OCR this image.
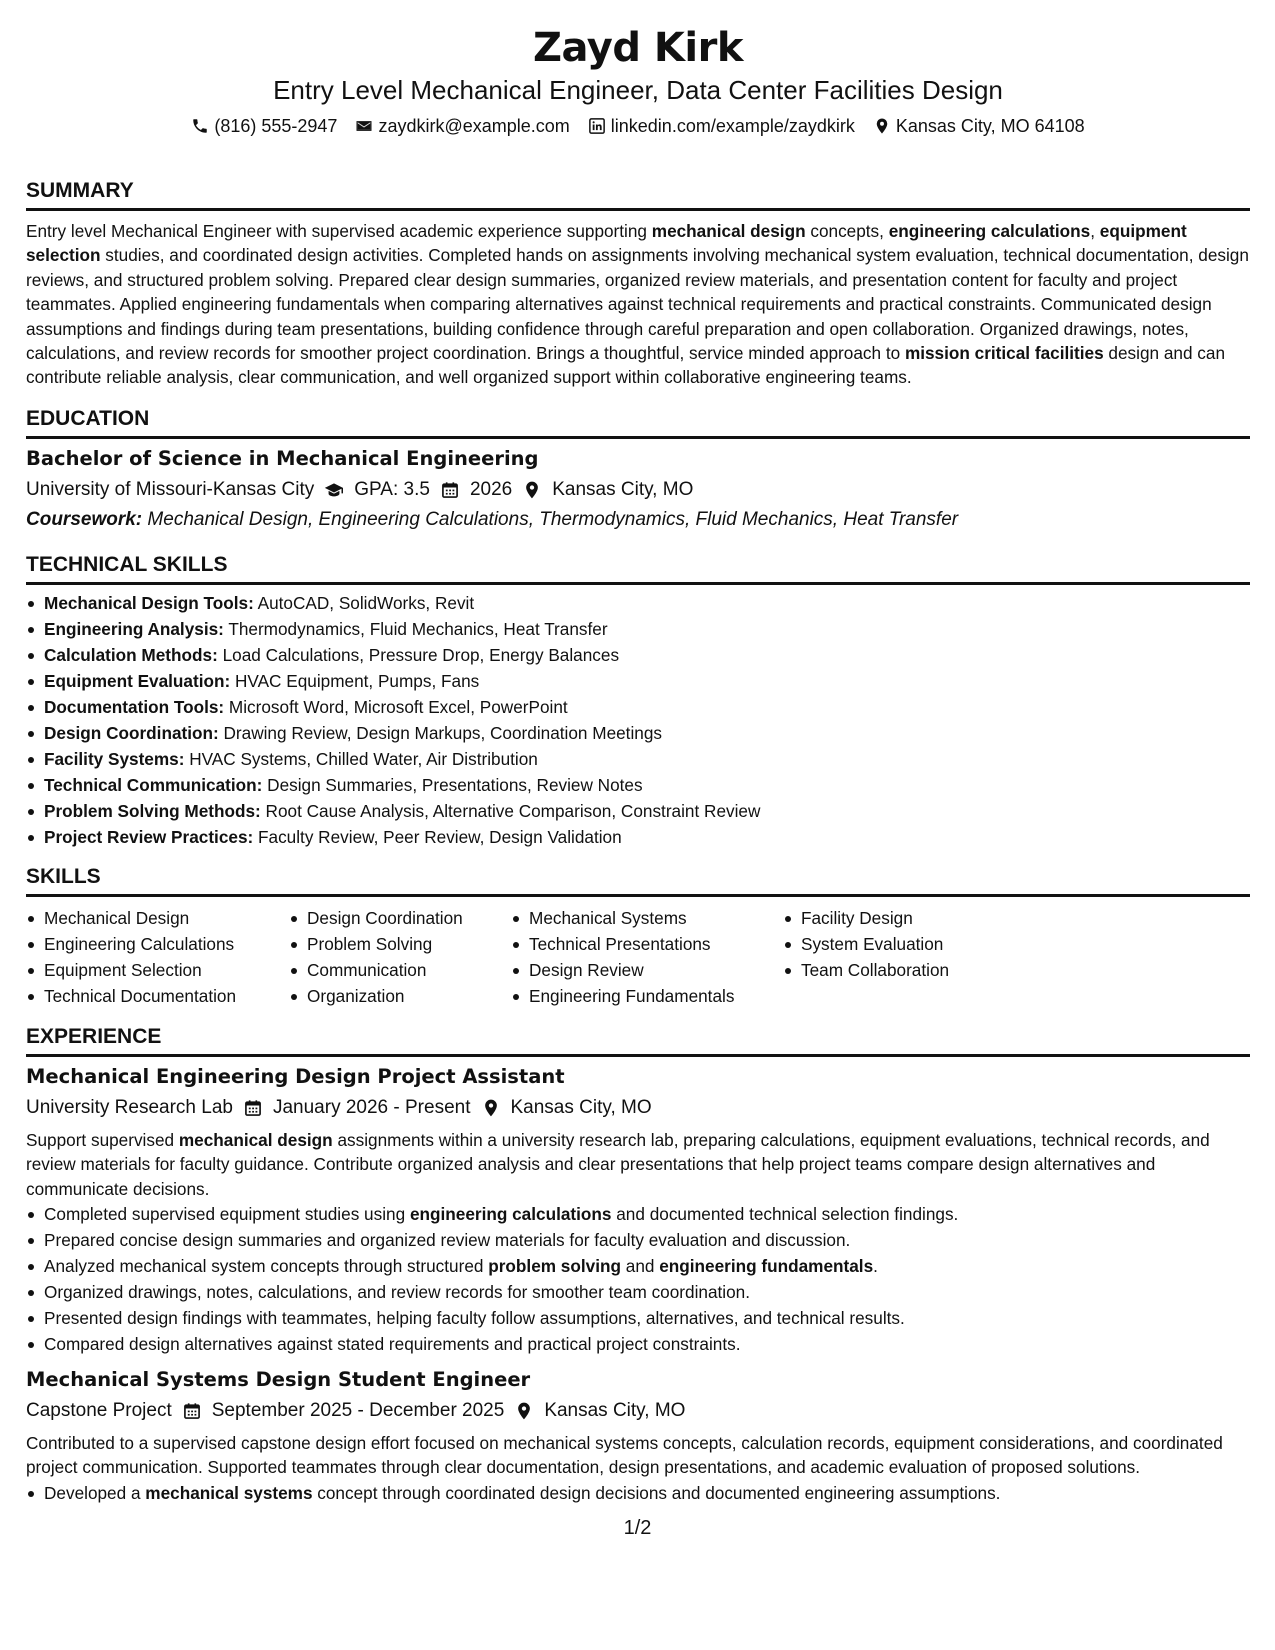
Zayd Kirk
Entry Level Mechanical Engineer, Data Center Facilities Design
(816) 555-2947 zaydkirk@example.com linkedin.com/example/zaydkirk Kansas City, MO 64108
SUMMARY

Entry level Mechanical Engineer with supervised academic experience supporting mechanical design concepts, engineering calculations, equipment selection studies, and coordinated design activities. Completed hands on assignments involving mechanical system evaluation, technical documentation, design reviews, and structured problem solving. Prepared clear design summaries, organized review materials, and presentation content for faculty and project teammates. Applied engineering fundamentals when comparing alternatives against technical requirements and practical constraints. Communicated design assumptions and findings during team presentations, building confidence through careful preparation and open collaboration. Organized drawings, notes, calculations, and review records for smoother project coordination. Brings a thoughtful, service minded approach to mission critical facilities design and can contribute reliable analysis, clear communication, and well organized support within collaborative engineering teams.

EDUCATION
Bachelor of Science in Mechanical Engineering
University of Missouri-Kansas City GPA: 3.5 2026 Kansas City, MO
Coursework: Mechanical Design, Engineering Calculations, Thermodynamics, Fluid Mechanics, Heat Transfer
TECHNICAL SKILLS
Mechanical Design Tools: AutoCAD, SolidWorks, Revit
Engineering Analysis: Thermodynamics, Fluid Mechanics, Heat Transfer
Calculation Methods: Load Calculations, Pressure Drop, Energy Balances
Equipment Evaluation: HVAC Equipment, Pumps, Fans
Documentation Tools: Microsoft Word, Microsoft Excel, PowerPoint
Design Coordination: Drawing Review, Design Markups, Coordination Meetings
Facility Systems: HVAC Systems, Chilled Water, Air Distribution
Technical Communication: Design Summaries, Presentations, Review Notes
Problem Solving Methods: Root Cause Analysis, Alternative Comparison, Constraint Review
Project Review Practices: Faculty Review, Peer Review, Design Validation
SKILLS
Mechanical Design
Engineering Calculations
Equipment Selection
Technical Documentation
Design Coordination
Problem Solving
Communication
Organization
Mechanical Systems
Technical Presentations
Design Review
Engineering Fundamentals
Facility Design
System Evaluation
Team Collaboration
EXPERIENCE
Mechanical Engineering Design Project Assistant
University Research Lab January 2026 - Present Kansas City, MO

Support supervised mechanical design assignments within a university research lab, preparing calculations, equipment evaluations, technical records, and review materials for faculty guidance. Contribute organized analysis and clear presentations that help project teams compare design alternatives and communicate decisions.

Completed supervised equipment studies using engineering calculations and documented technical selection findings.
Prepared concise design summaries and organized review materials for faculty evaluation and discussion.
Analyzed mechanical system concepts through structured problem solving and engineering fundamentals.
Organized drawings, notes, calculations, and review records for smoother team coordination.
Presented design findings with teammates, helping faculty follow assumptions, alternatives, and technical results.
Compared design alternatives against stated requirements and practical project constraints.
Mechanical Systems Design Student Engineer
Capstone Project September 2025 - December 2025 Kansas City, MO

Contributed to a supervised capstone design effort focused on mechanical systems concepts, calculation records, equipment considerations, and coordinated project communication. Supported teammates through clear documentation, design presentations, and academic evaluation of proposed solutions.

Developed a mechanical systems concept through coordinated design decisions and documented engineering assumptions.
1/2
